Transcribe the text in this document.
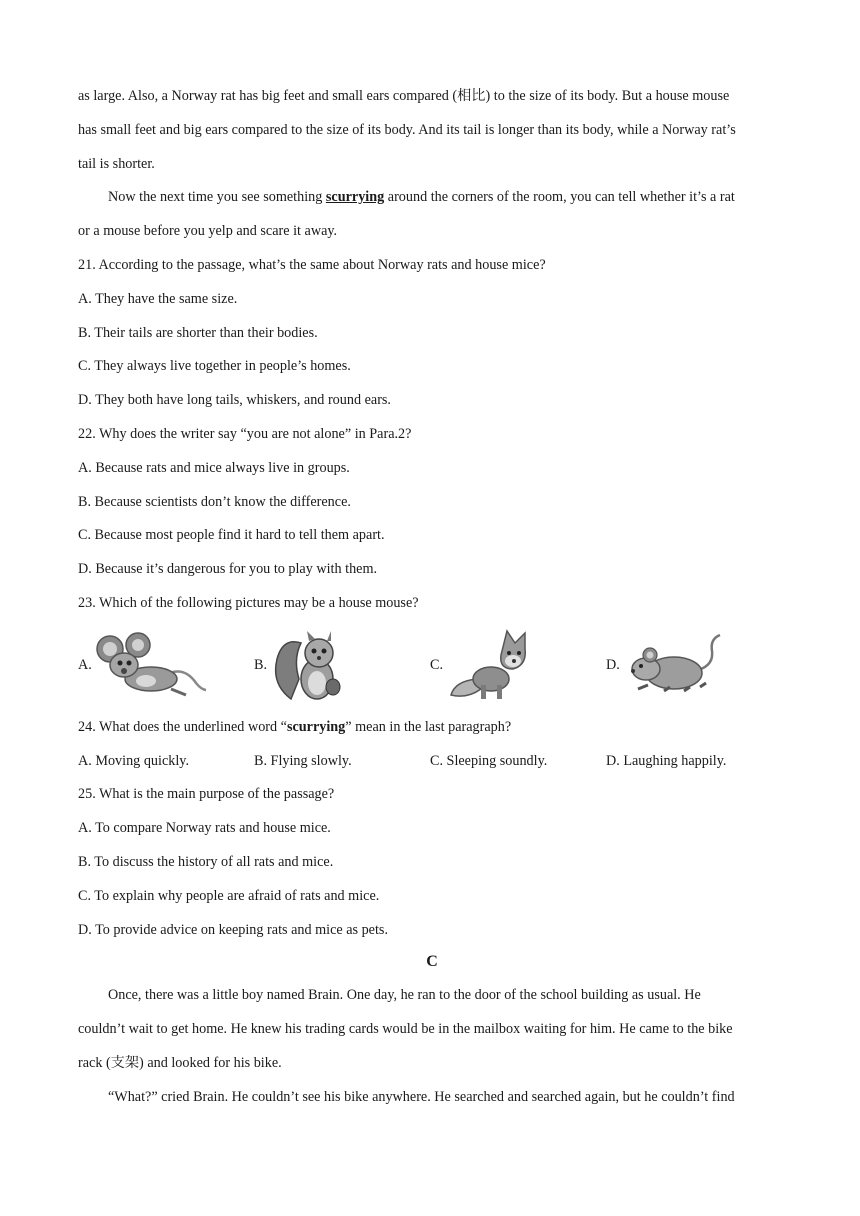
as large. Also, a Norway rat has big feet and small ears compared (相比) to the size of its body. But a house mouse
has small feet and big ears compared to the size of its body. And its tail is longer than its body, while a Norway rat’s
tail is shorter.
Now the next time you see something scurrying around the corners of the room, you can tell whether it’s a rat
or a mouse before you yelp and scare it away.
21. According to the passage, what’s the same about Norway rats and house mice?
A. They have the same size.
B. Their tails are shorter than their bodies.
C. They always live together in people’s homes.
D. They both have long tails, whiskers, and round ears.
22. Why does the writer say “you are not alone” in Para.2?
A. Because rats and mice always live in groups.
B. Because scientists don’t know the difference.
C. Because most people find it hard to tell them apart.
D. Because it’s dangerous for you to play with them.
23. Which of the following pictures may be a house mouse?
A.	B.	C.	D.
24. What does the underlined word “scurrying” mean in the last paragraph?
A. Moving quickly.	B. Flying slowly.	C. Sleeping soundly.	D. Laughing happily.
25. What is the main purpose of the passage?
A. To compare Norway rats and house mice.
B. To discuss the history of all rats and mice.
C. To explain why people are afraid of rats and mice.
D. To provide advice on keeping rats and mice as pets.
C
Once, there was a little boy named Brain. One day, he ran to the door of the school building as usual. He
couldn’t wait to get home. He knew his trading cards would be in the mailbox waiting for him. He came to the bike
rack (支架) and looked for his bike.
“What?” cried Brain. He couldn’t see his bike anywhere. He searched and searched again, but he couldn’t find
